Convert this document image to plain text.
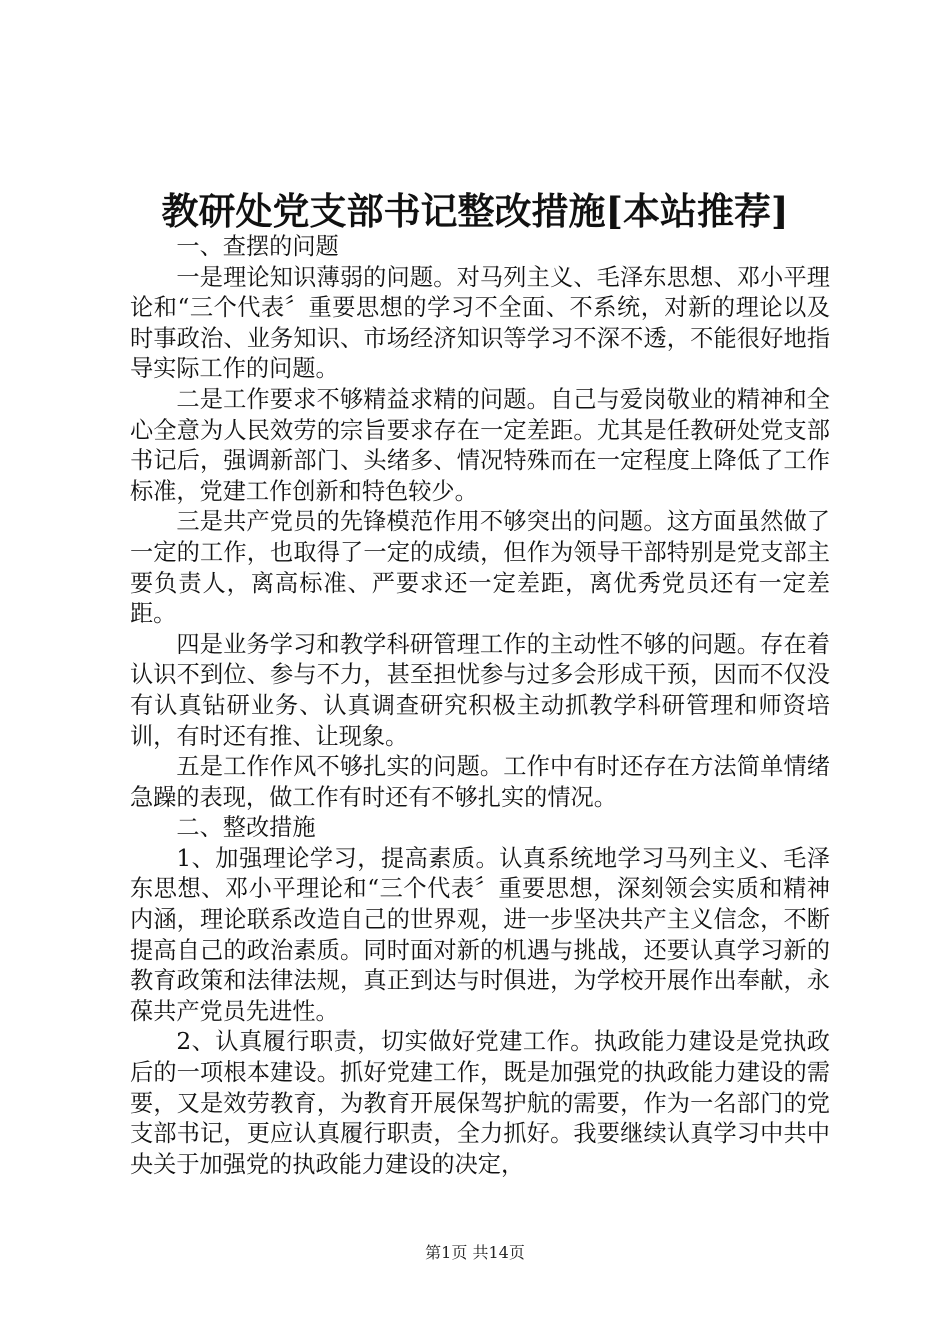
教研处党支部书记整改措施[本站推荐]

一、查摆的问题

一是理论知识薄弱的问题。对马列主义、毛泽东思想、邓小平理论和“三个代表〞重要思想的学习不全面、不系统，对新的理论以及时事政治、业务知识、市场经济知识等学习不深不透，不能很好地指导实际工作的问题。

二是工作要求不够精益求精的问题。自己与爱岗敬业的精神和全心全意为人民效劳的宗旨要求存在一定差距。尤其是任教研处党支部书记后，强调新部门、头绪多、情况特殊而在一定程度上降低了工作标准，党建工作创新和特色较少。

三是共产党员的先锋模范作用不够突出的问题。这方面虽然做了一定的工作，也取得了一定的成绩，但作为领导干部特别是党支部主要负责人，离高标准、严要求还一定差距，离优秀党员还有一定差距。

四是业务学习和教学科研管理工作的主动性不够的问题。存在着认识不到位、参与不力，甚至担忧参与过多会形成干预，因而不仅没有认真钻研业务、认真调查研究积极主动抓教学科研管理和师资培训，有时还有推、让现象。

五是工作作风不够扎实的问题。工作中有时还存在方法简单情绪急躁的表现，做工作有时还有不够扎实的情况。

二、整改措施

1、加强理论学习，提高素质。认真系统地学习马列主义、毛泽东思想、邓小平理论和“三个代表〞重要思想，深刻领会实质和精神内涵，理论联系改造自己的世界观，进一步坚决共产主义信念，不断提高自己的政治素质。同时面对新的机遇与挑战，还要认真学习新的教育政策和法律法规，真正到达与时俱进，为学校开展作出奉献，永葆共产党员先进性。

2、认真履行职责，切实做好党建工作。执政能力建设是党执政后的一项根本建设。抓好党建工作，既是加强党的执政能力建设的需要，又是效劳教育，为教育开展保驾护航的需要，作为一名部门的党支部书记，更应认真履行职责，全力抓好。我要继续认真学习中共中央关于加强党的执政能力建设的决定，

第1页 共14页
